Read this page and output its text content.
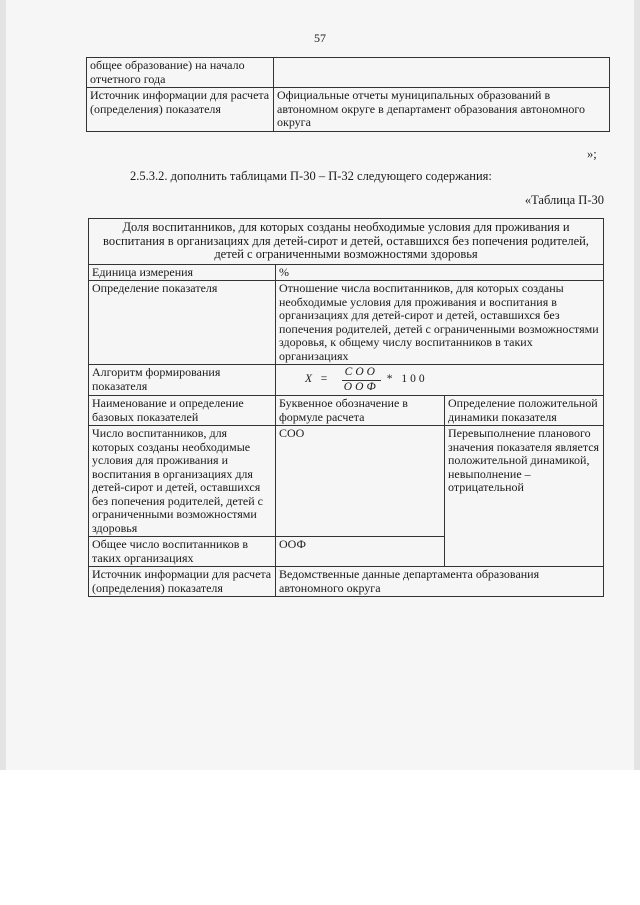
57
общее образование) на начало отчетного года	
Источник информации для расчета (определения) показателя	Официальные отчеты муниципальных образований в автономном округе в департамент образования автономного округа
»;
2.5.3.2. дополнить таблицами П-30 – П-32 следующего содержания:
«Таблица П-30
Доля воспитанников, для которых созданы необходимые условия для проживания и воспитания в организациях для детей-сирот и детей, оставшихся без попечения родителей, детей с ограниченными возможностями здоровья		
Единица измерения	%	
Определение показателя	Отношение числа воспитанников, для которых созданы необходимые условия для проживания и воспитания в организациях для детей-сирот и детей, оставшихся без попечения родителей, детей с ограниченными возможностями здоровья, к общему числу воспитанников в таких организациях	
Алгоритм формирования показателя	$X = \frac{\text{СОО}}{\text{ООФ}} * 100$	

Наименование и определение базовых показателей	Буквенное обозначение в формуле расчета	Определение положительной динамики показателя
Число воспитанников, для которых созданы необходимые условия для проживания и воспитания в организациях для детей-сирот и детей, оставшихся без попечения родителей, детей с ограниченными возможностями здоровья	СОО	Перевыполнение планового значения показателя является положительной динамикой, невыполнение – отрицательной
Общее число воспитанников в таких организациях	ООФ	
Источник информации для расчета (определения) показателя	Ведомственные данные департамента образования автономного округа	
